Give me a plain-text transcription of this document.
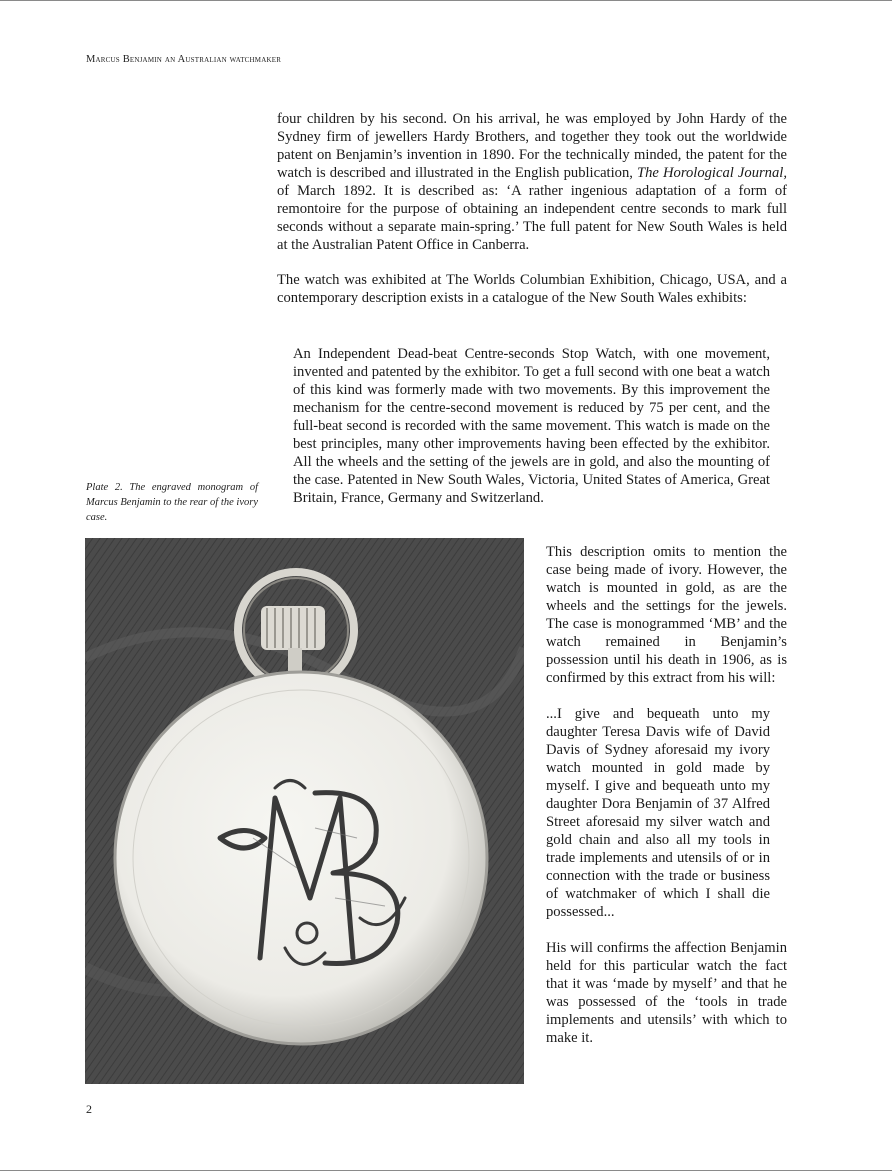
Marcus Benjamin an Australian watchmaker

four children by his second. On his arrival, he was employed by John Hardy of the Sydney firm of jewellers Hardy Brothers, and together they took out the worldwide patent on Benjamin’s invention in 1890. For the technically minded, the patent for the watch is described and illustrated in the English publication, The Horological Journal, of March 1892. It is described as: ‘A rather ingenious adaptation of a form of remontoire for the purpose of obtaining an independent centre seconds to mark full seconds without a separate main-spring.’ The full patent for New South Wales is held at the Australian Patent Office in Canberra.

The watch was exhibited at The Worlds Columbian Exhibition, Chicago, USA, and a contemporary description exists in a catalogue of the New South Wales exhibits:

An Independent Dead-beat Centre-seconds Stop Watch, with one movement, invented and patented by the exhibitor. To get a full second with one beat a watch of this kind was formerly made with two movements. By this improvement the mechanism for the centre-second movement is reduced by 75 per cent, and the full-beat second is recorded with the same movement. This watch is made on the best principles, many other improvements having been effected by the exhibitor. All the wheels and the setting of the jewels are in gold, and also the mounting of the case. Patented in New South Wales, Victoria, United States of America, Great Britain, France, Germany and Switzerland.
Plate 2. The engraved monogram of Marcus Benjamin to the rear of the ivory case.

This description omits to mention the case being made of ivory. However, the watch is mounted in gold, as are the wheels and the settings for the jewels. The case is monogrammed ‘MB’ and the watch remained in Benjamin’s possession until his death in 1906, as is confirmed by this extract from his will:

...I give and bequeath unto my daughter Teresa Davis wife of David Davis of Sydney aforesaid my ivory watch mounted in gold made by myself. I give and bequeath unto my daughter Dora Benjamin of 37 Alfred Street aforesaid my silver watch and gold chain and also all my tools in trade implements and utensils of or in connection with the trade or business of watchmaker of which I shall die possessed...

His will confirms the affection Benjamin held for this particular watch the fact that it was ‘made by myself’ and that he was possessed of the ‘tools in trade implements and utensils’ with which to make it.

2
